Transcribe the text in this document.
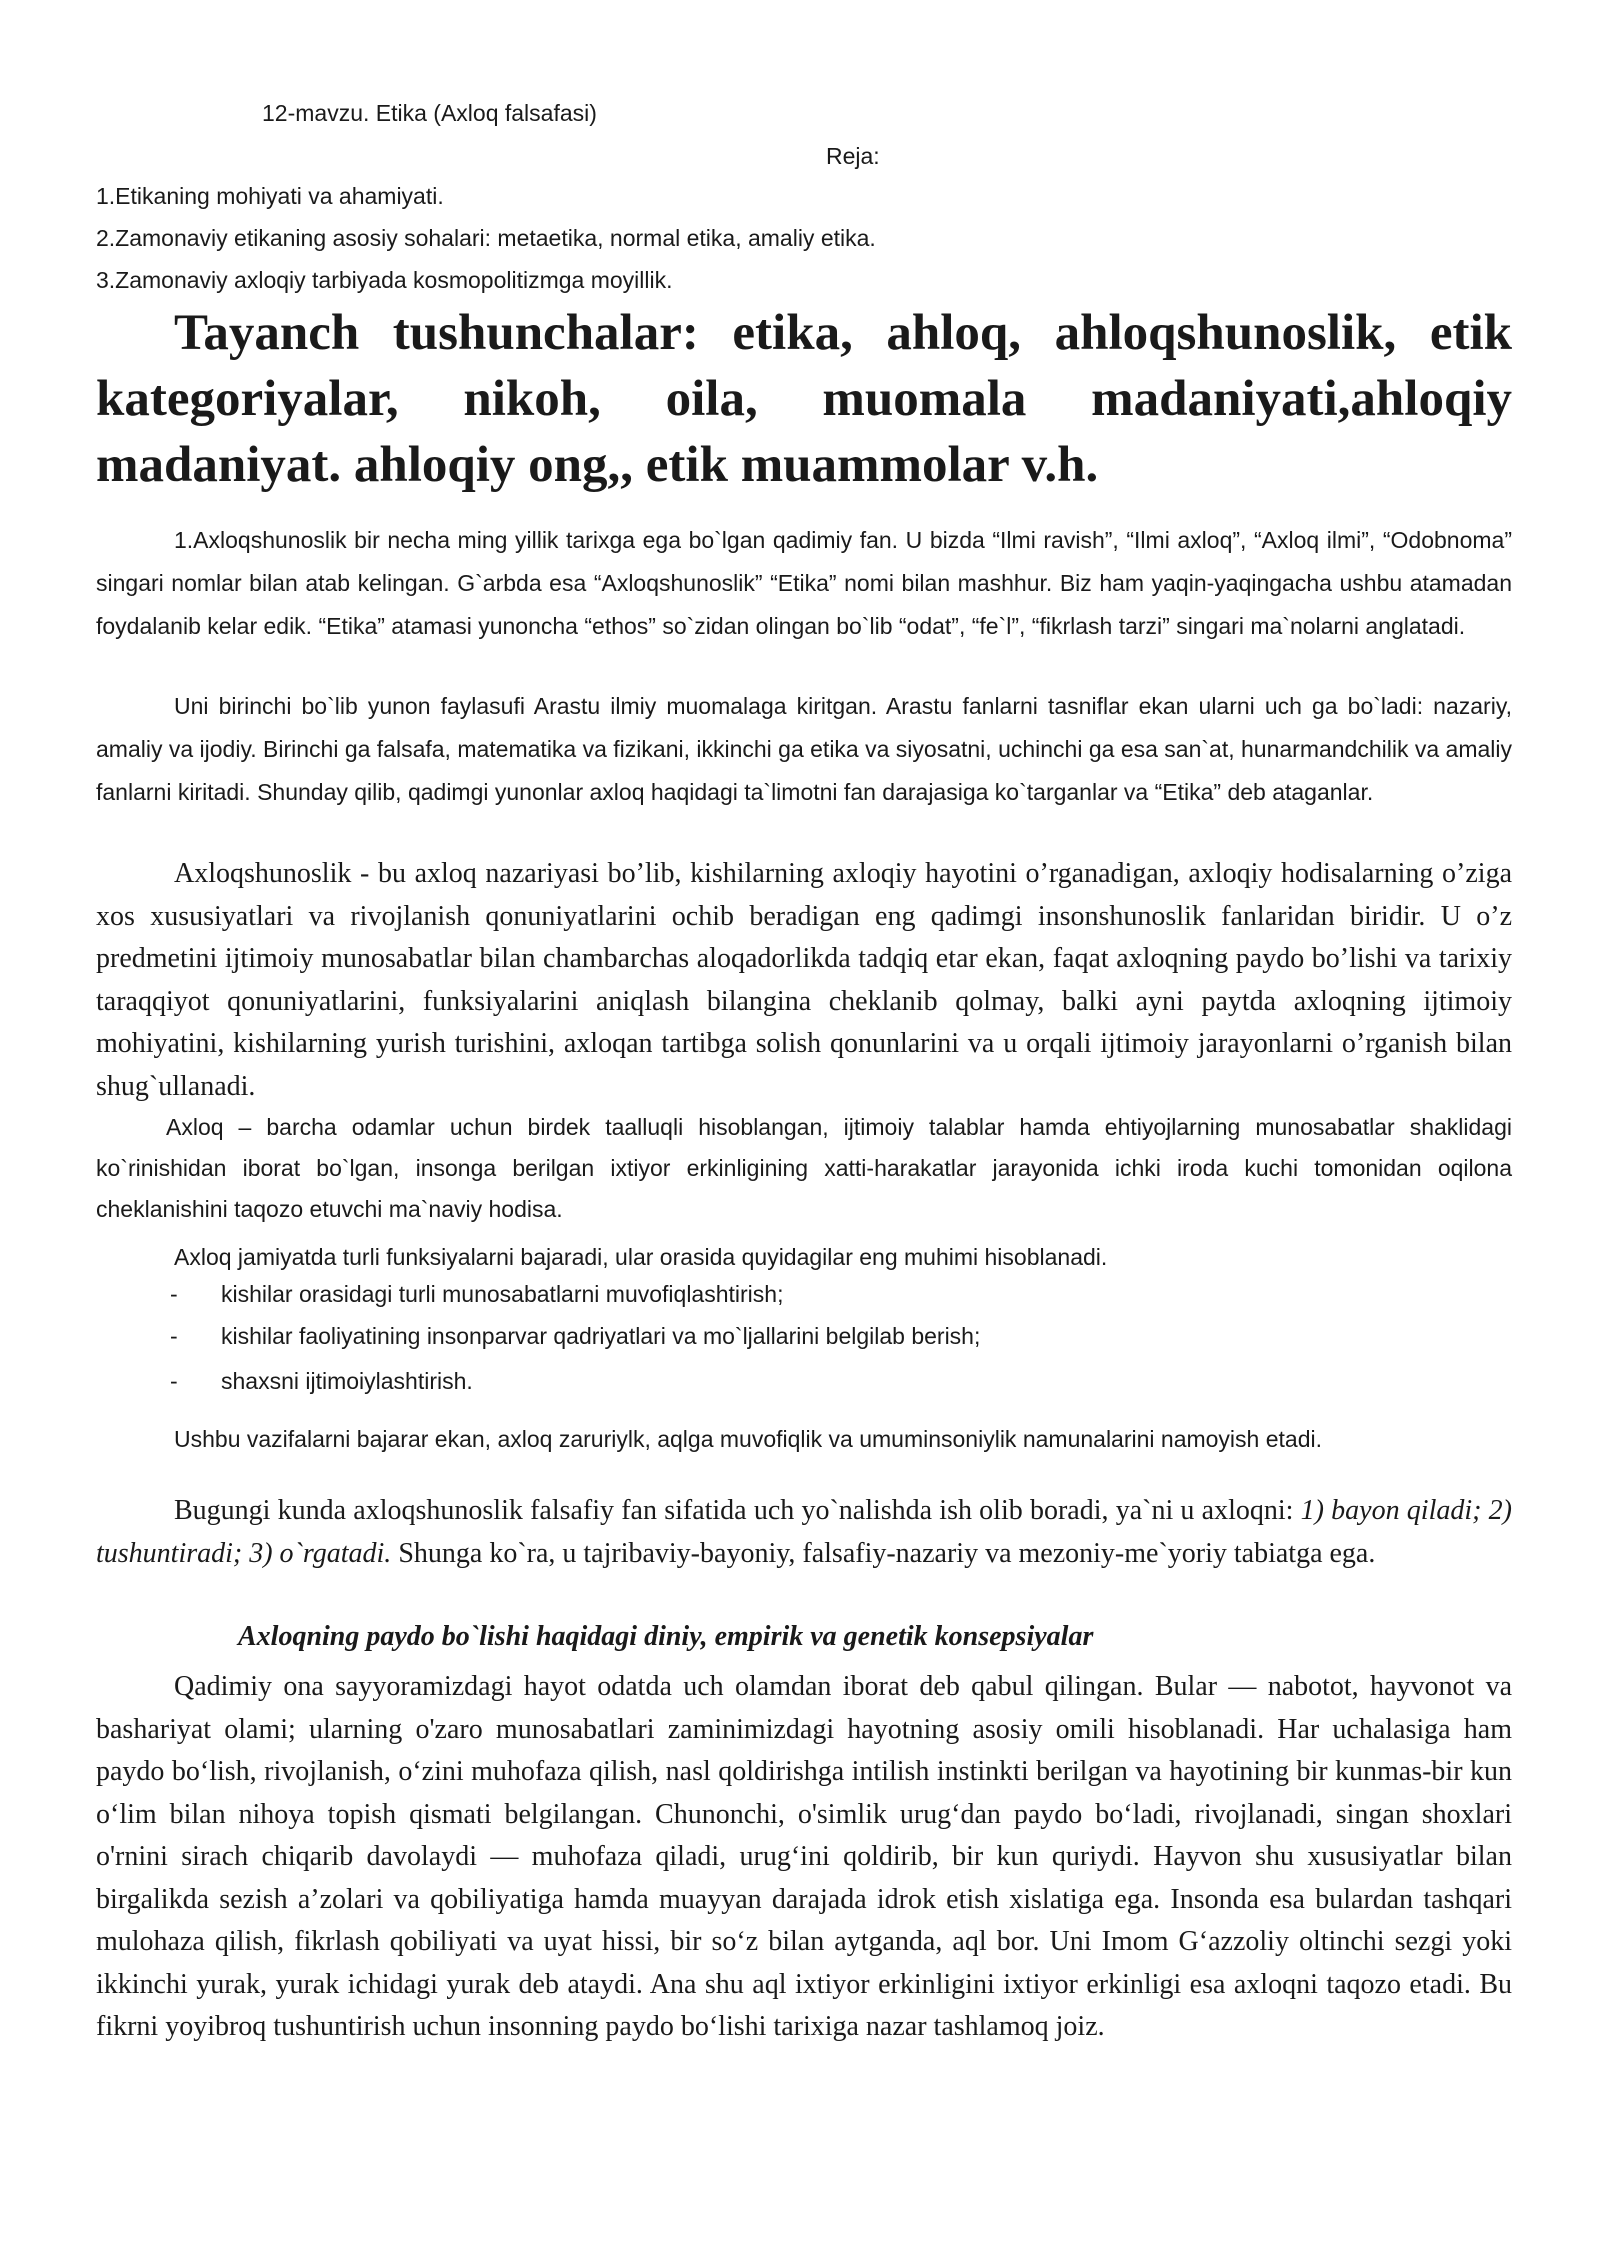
12-mavzu. Etika (Axloq falsafasi)

Reja:

1.Etikaning mohiyati va ahamiyati.

2.Zamonaviy etikaning asosiy sohalari: metaetika, normal etika, amaliy etika.

3.Zamonaviy axloqiy tarbiyada kosmopolitizmga moyillik.

Tayanch tushunchalar: etika, ahloq, ahloqshunoslik, etik kategoriyalar, nikoh, oila, muomala madaniyati,ahloqiy madaniyat. ahloqiy ong,, etik muammolar v.h.

1.Axloqshunoslik bir necha ming yillik tarixga ega bo`lgan qadimiy fan. U bizda “Ilmi ravish”, “Ilmi axloq”, “Axloq ilmi”, “Odobnoma” singari nomlar bilan atab kelingan. G`arbda esa “Axloqshunoslik” “Etika” nomi bilan mashhur. Biz ham yaqin-yaqingacha ushbu atamadan foydalanib kelar edik. “Etika” atamasi yunoncha “ethos” so`zidan olingan bo`lib “odat”, “fe`l”, “fikrlash tarzi” singari ma`nolarni anglatadi.

Uni birinchi bo`lib yunon faylasufi Arastu ilmiy muomalaga kiritgan. Arastu fanlarni tasniflar ekan ularni uch ga bo`ladi: nazariy, amaliy va ijodiy. Birinchi ga falsafa, matematika va fizikani, ikkinchi ga etika va siyosatni, uchinchi ga esa san`at, hunarmandchilik va amaliy fanlarni kiritadi. Shunday qilib, qadimgi yunonlar axloq haqidagi ta`limotni fan darajasiga ko`targanlar va “Etika” deb ataganlar.

Axloqshunoslik - bu axloq nazariyasi bo’lib, kishilarning axloqiy hayotini o’rganadigan, axloqiy hodisalarning o’ziga xos xususiyatlari va rivojlanish qonuniyatlarini ochib beradigan eng qadimgi insonshunoslik fanlaridan biridir. U o’z predmetini ijtimoiy munosabatlar bilan chambarchas aloqadorlikda tadqiq etar ekan, faqat axloqning paydo bo’lishi va tarixiy taraqqiyot qonuniyatlarini, funksiyalarini aniqlash bilangina cheklanib qolmay, balki ayni paytda axloqning ijtimoiy mohiyatini, kishilarning yurish turishini, axloqan tartibga solish qonunlarini va u orqali ijtimoiy jarayonlarni o’rganish bilan shug`ullanadi.

Axloq – barcha odamlar uchun birdek taalluqli hisoblangan, ijtimoiy talablar hamda ehtiyojlarning munosabatlar shaklidagi ko`rinishidan iborat bo`lgan, insonga berilgan ixtiyor erkinligining xatti-harakatlar jarayonida ichki iroda kuchi tomonidan oqilona cheklanishini taqozo etuvchi ma`naviy hodisa.

Axloq jamiyatda turli funksiyalarni bajaradi, ular orasida quyidagilar eng muhimi hisoblanadi.

- kishilar orasidagi turli munosabatlarni muvofiqlashtirish;
- kishilar faoliyatining insonparvar qadriyatlari va mo`ljallarini belgilab berish;
- shaxsni ijtimoiylashtirish.

Ushbu vazifalarni bajarar ekan, axloq zaruriylk, aqlga muvofiqlik va umuminsoniylik namunalarini namoyish etadi.

Bugungi kunda axloqshunoslik falsafiy fan sifatida uch yo`nalishda ish olib boradi, ya`ni u axloqni: 1) bayon qiladi; 2) tushuntiradi; 3) o`rgatadi. Shunga ko`ra, u tajribaviy-bayoniy, falsafiy-nazariy va mezoniy-me`yoriy tabiatga ega.

Axloqning paydo bo`lishi haqidagi diniy, empirik va genetik konsepsiyalar

Qadimiy ona sayyoramizdagi hayot odatda uch olamdan iborat deb qabul qilingan. Bular — nabotot, hayvonot va bashariyat olami; ularning o'zaro munosabatlari zaminimizdagi hayotning asosiy omili hisoblanadi. Har uchalasiga ham paydo bo‘lish, rivojlanish, o‘zini muhofaza qilish, nasl qoldirishga intilish instinkti berilgan va hayotining bir kunmas-bir kun o‘lim bilan nihoya topish qismati belgilangan. Chunonchi, o'simlik urug‘dan paydo bo‘ladi, rivojlanadi, singan shoxlari o'rnini sirach chiqarib davolaydi — muhofaza qiladi, urug‘ini qoldirib, bir kun quriydi. Hayvon shu xususiyatlar bilan birgalikda sezish a’zolari va qobiliyatiga hamda muayyan darajada idrok etish xislatiga ega. Insonda esa bulardan tashqari mulohaza qilish, fikrlash qobiliyati va uyat hissi, bir so‘z bilan aytganda, aql bor. Uni Imom G‘azzoliy oltinchi sezgi yoki ikkinchi yurak, yurak ichidagi yurak deb ataydi. Ana shu aql ixtiyor erkinligini ixtiyor erkinligi esa axloqni taqozo etadi. Bu fikrni yoyibroq tushuntirish uchun insonning paydo bo‘lishi tarixiga nazar tashlamoq joiz.
